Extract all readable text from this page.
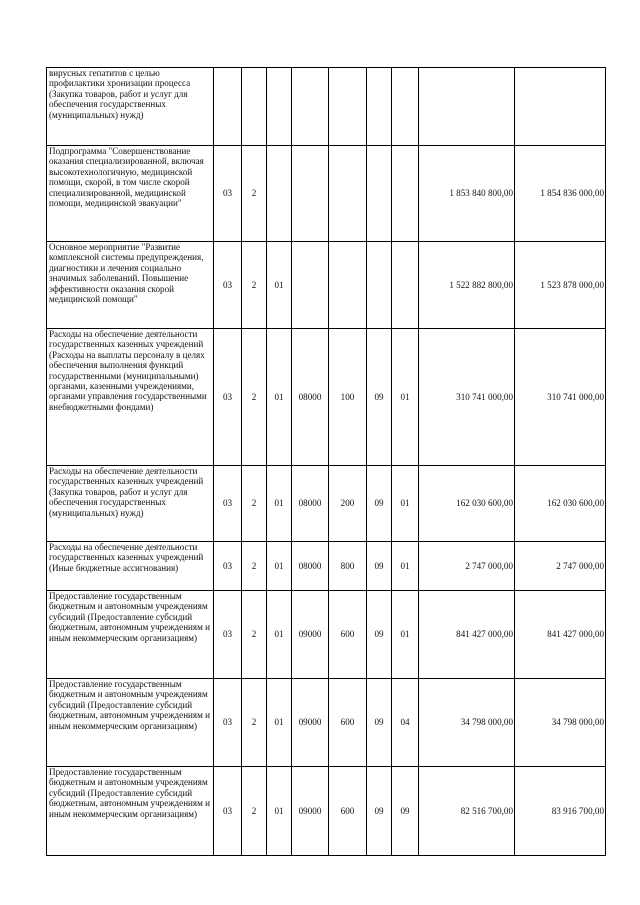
вирусных гепатитов с целью профилактики хронизации процесса (Закупка товаров, работ и услуг для обеспечения государственных (муниципальных) нужд)									
Подпрограмма "Совершенствование оказания специализированной, включая высокотехнологичную, медицинской помощи, скорой, в том числе скорой специализированной, медицинской помощи, медицинской эвакуации"	03	2						1 853 840 800,00	1 854 836 000,00
Основное мероприятие "Развитие комплексной системы предупреждения, диагностики и лечения социально значимых заболеваний. Повышение эффективности оказания скорой медицинской помощи"	03	2	01					1 522 882 800,00	1 523 878 000,00
Расходы на обеспечение деятельности государственных казенных учреждений (Расходы на выплаты персоналу в целях обеспечения выполнения функций государственными (муниципальными) органами, казенными учреждениями, органами управления государственными внебюджетными фондами)	03	2	01	08000	100	09	01	310 741 000,00	310 741 000,00
Расходы на обеспечение деятельности государственных казенных учреждений (Закупка товаров, работ и услуг для обеспечения государственных (муниципальных) нужд)	03	2	01	08000	200	09	01	162 030 600,00	162 030 600,00
Расходы на обеспечение деятельности государственных казенных учреждений (Иные бюджетные ассигнования)	03	2	01	08000	800	09	01	2 747 000,00	2 747 000,00
Предоставление государственным бюджетным и автономным учреждениям субсидий (Предоставление субсидий бюджетным, автономным учреждениям и иным некоммерческим организациям)	03	2	01	09000	600	09	01	841 427 000,00	841 427 000,00
Предоставление государственным бюджетным и автономным учреждениям субсидий (Предоставление субсидий бюджетным, автономным учреждениям и иным некоммерческим организациям)	03	2	01	09000	600	09	04	34 798 000,00	34 798 000,00
Предоставление государственным бюджетным и автономным учреждениям субсидий (Предоставление субсидий бюджетным, автономным учреждениям и иным некоммерческим организациям)	03	2	01	09000	600	09	09	82 516 700,00	83 916 700,00
